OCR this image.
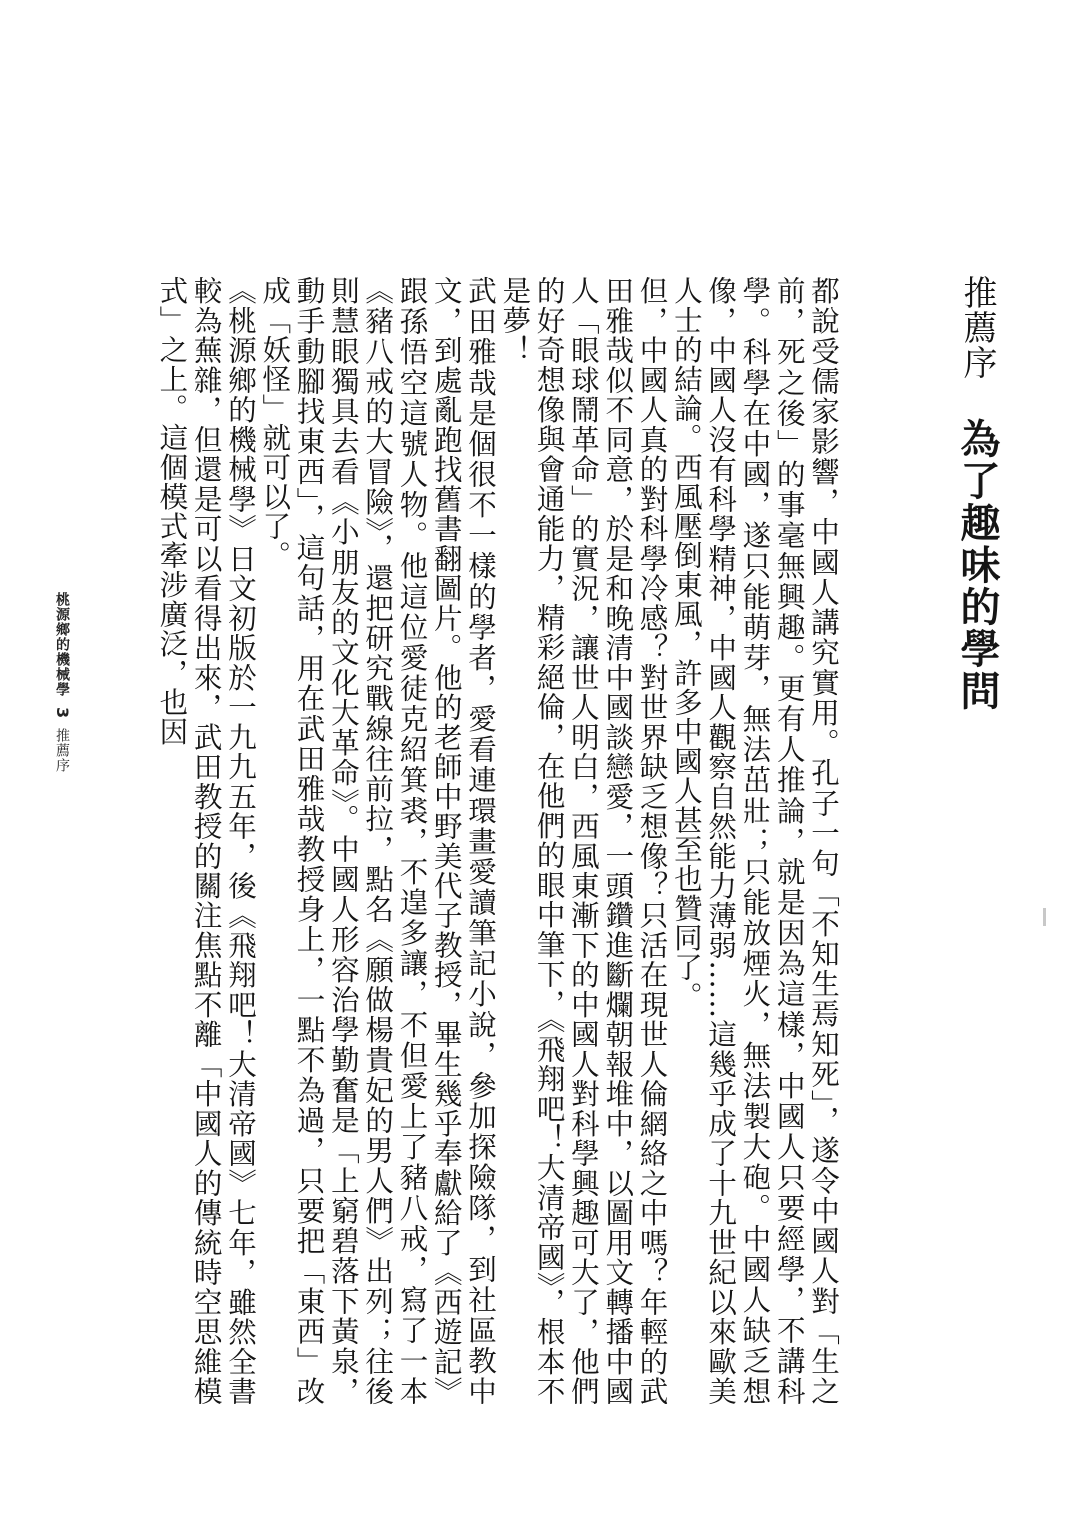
推薦序為了趣味的學問

都說受儒家影響，中國人講究實用。孔子一句「不知生焉知死」，遂令中國人對「生之前，死之後」的事毫無興趣。更有人推論，就是因為這樣，中國人只要經學，不講科學。科學在中國，遂只能萌芽，無法茁壯；只能放煙火，無法製大砲。中國人缺乏想像，中國人沒有科學精神，中國人觀察自然能力薄弱……這幾乎成了十九世紀以來歐美人士的結論。西風壓倒東風，許多中國人甚至也贊同了。

但，中國人真的對科學冷感？對世界缺乏想像？只活在現世人倫網絡之中嗎？年輕的武田雅哉似不同意，於是和晚清中國談戀愛，一頭鑽進斷爛朝報堆中，以圖用文轉播中國人「眼球鬧革命」的實況，讓世人明白，西風東漸下的中國人對科學興趣可大了，他們的好奇想像與會通能力，精彩絕倫，在他們的眼中筆下，《飛翔吧！大清帝國》，根本不是夢！

武田雅哉是個很不一樣的學者，愛看連環畫愛讀筆記小說，參加探險隊，到社區教中文，到處亂跑找舊書翻圖片。他的老師中野美代子教授，畢生幾乎奉獻給了《西遊記》跟孫悟空這號人物。他這位愛徒克紹箕裘，不遑多讓，不但愛上了豬八戒，寫了一本《豬八戒的大冒險》，還把研究戰線往前拉，點名《願做楊貴妃的男人們》出列；往後則慧眼獨具去看《小朋友的文化大革命》。中國人形容治學勤奮是「上窮碧落下黃泉，動手動腳找東西」，這句話，用在武田雅哉教授身上，一點不為過，只要把「東西」改成「妖怪」就可以了。

《桃源鄉的機械學》日文初版於一九九五年，後《飛翔吧！大清帝國》七年，雖然全書較為蕪雜，但還是可以看得出來，武田教授的關注焦點不離「中國人的傳統時空思維模式」之上。這個模式牽涉廣泛，也因

桃源鄉的機械學3推薦序
